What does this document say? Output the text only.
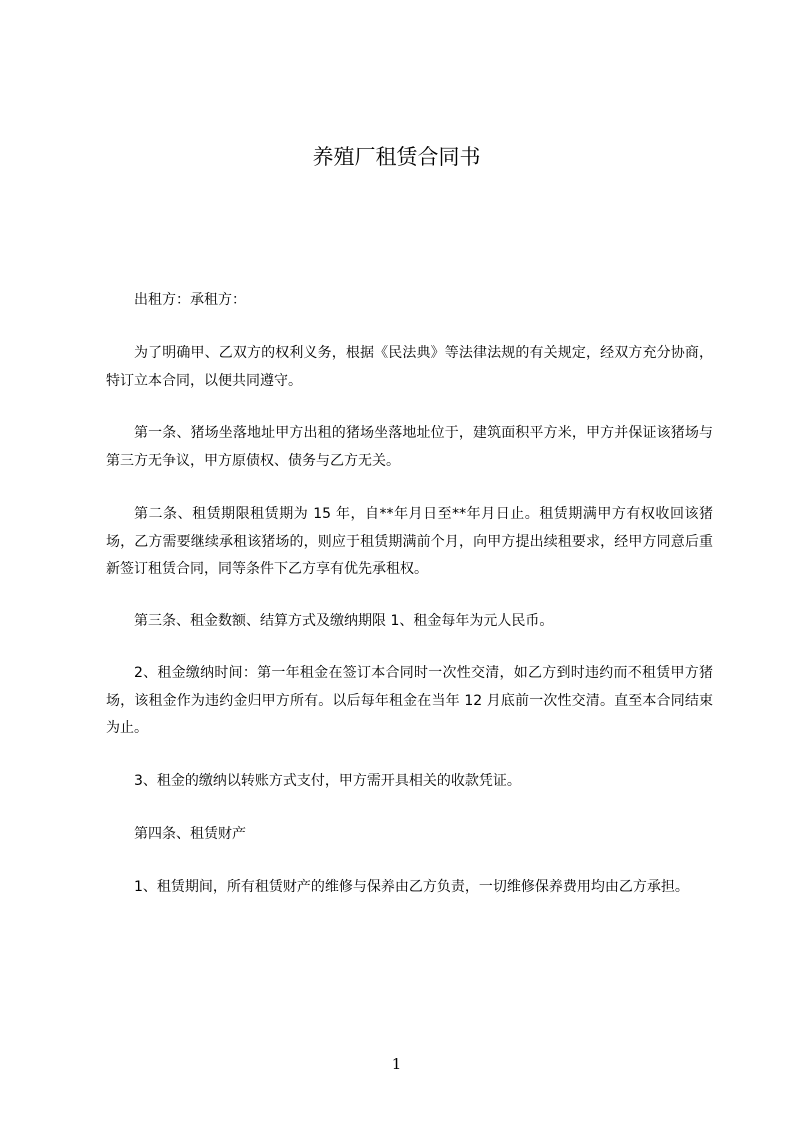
养殖厂租赁合同书
出租方：承租方：
为了明确甲、乙双方的权利义务，根据《民法典》等法律法规的有关规定，经双方充分协商，特订立本合同，以便共同遵守。
第一条、猪场坐落地址甲方出租的猪场坐落地址位于，建筑面积平方米，甲方并保证该猪场与第三方无争议，甲方原债权、债务与乙方无关。
第二条、租赁期限租赁期为 15 年，自**年月日至**年月日止。租赁期满甲方有权收回该猪场，乙方需要继续承租该猪场的，则应于租赁期满前个月，向甲方提出续租要求，经甲方同意后重新签订租赁合同，同等条件下乙方享有优先承租权。
第三条、租金数额、结算方式及缴纳期限 1、租金每年为元人民币。
2、租金缴纳时间：第一年租金在签订本合同时一次性交清，如乙方到时违约而不租赁甲方猪场，该租金作为违约金归甲方所有。以后每年租金在当年 12 月底前一次性交清。直至本合同结束为止。
3、租金的缴纳以转账方式支付，甲方需开具相关的收款凭证。
第四条、租赁财产
1、租赁期间，所有租赁财产的维修与保养由乙方负责，一切维修保养费用均由乙方承担。
1
